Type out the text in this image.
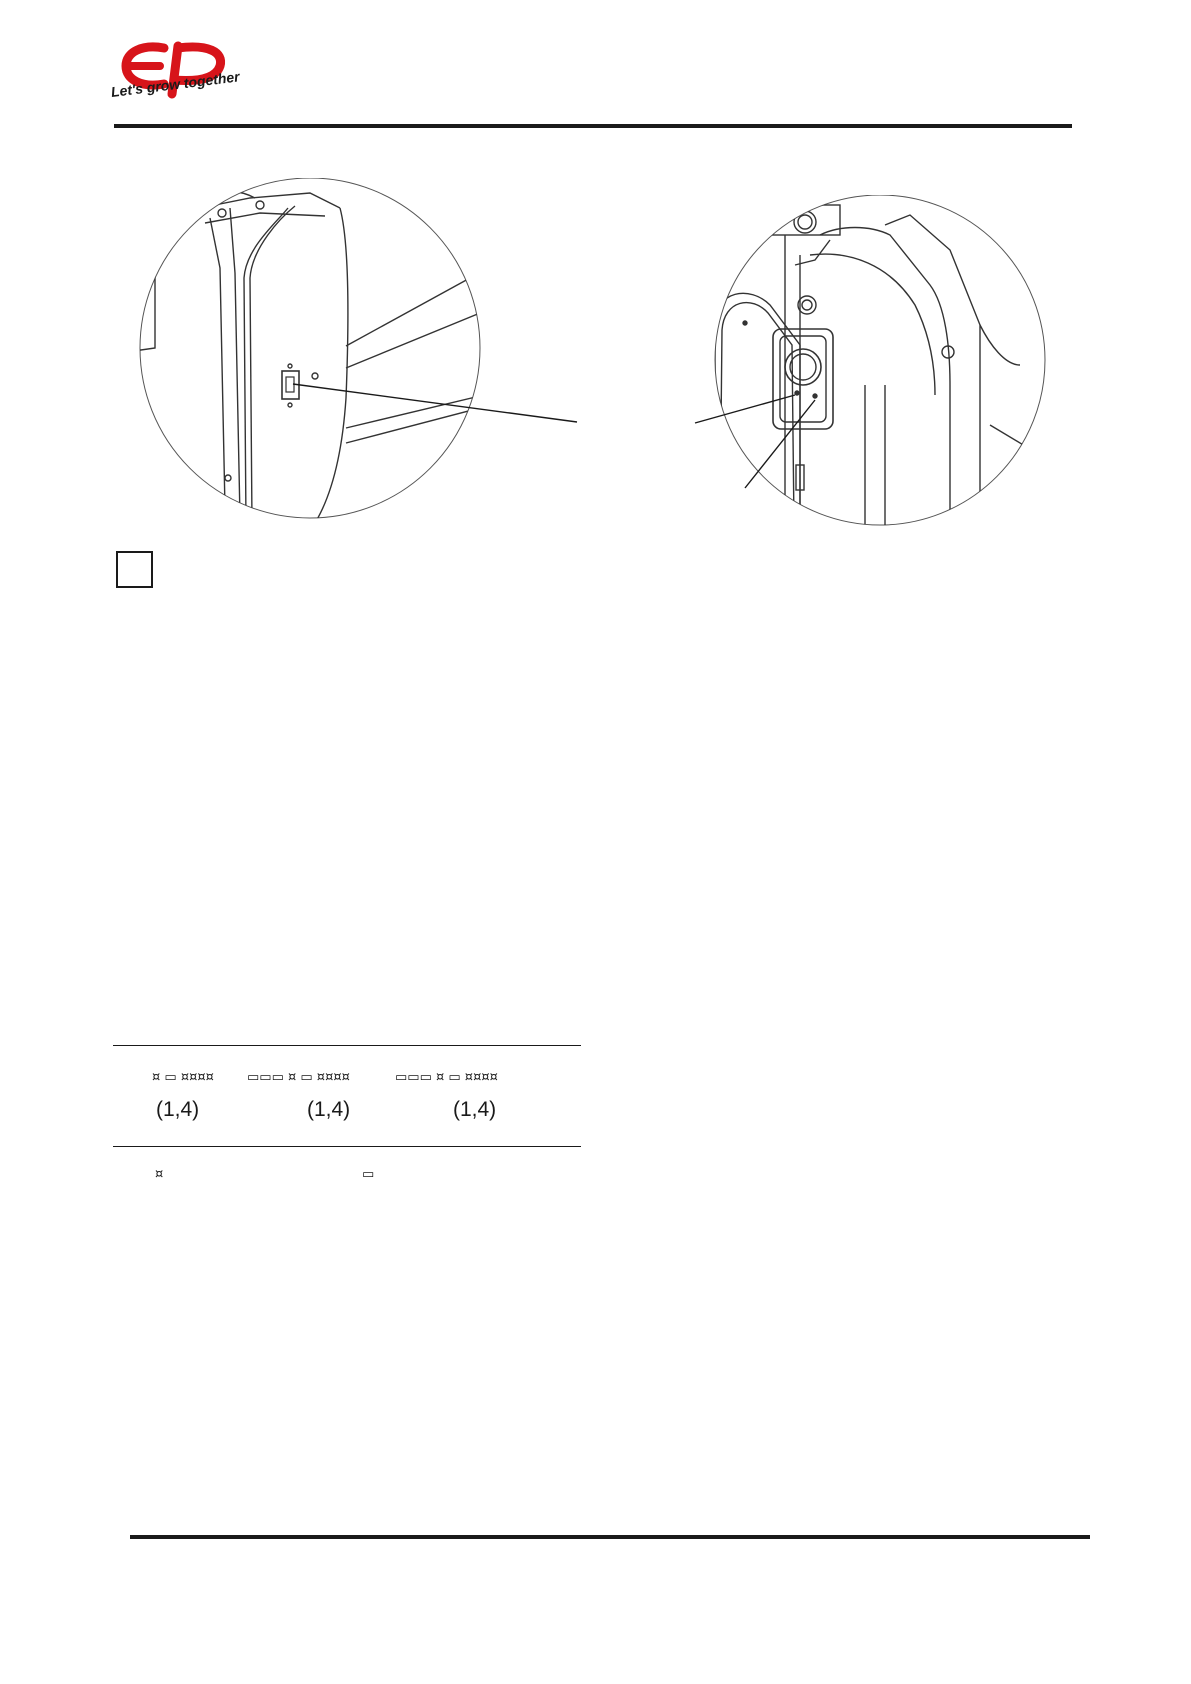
Let's grow together
¤ ▭ ¤¤¤¤	▭▭▭ ¤ ▭ ¤¤¤¤	▭▭▭ ¤ ▭ ¤¤¤¤
(1,4)	(1,4)	(1,4)
¤	▭
